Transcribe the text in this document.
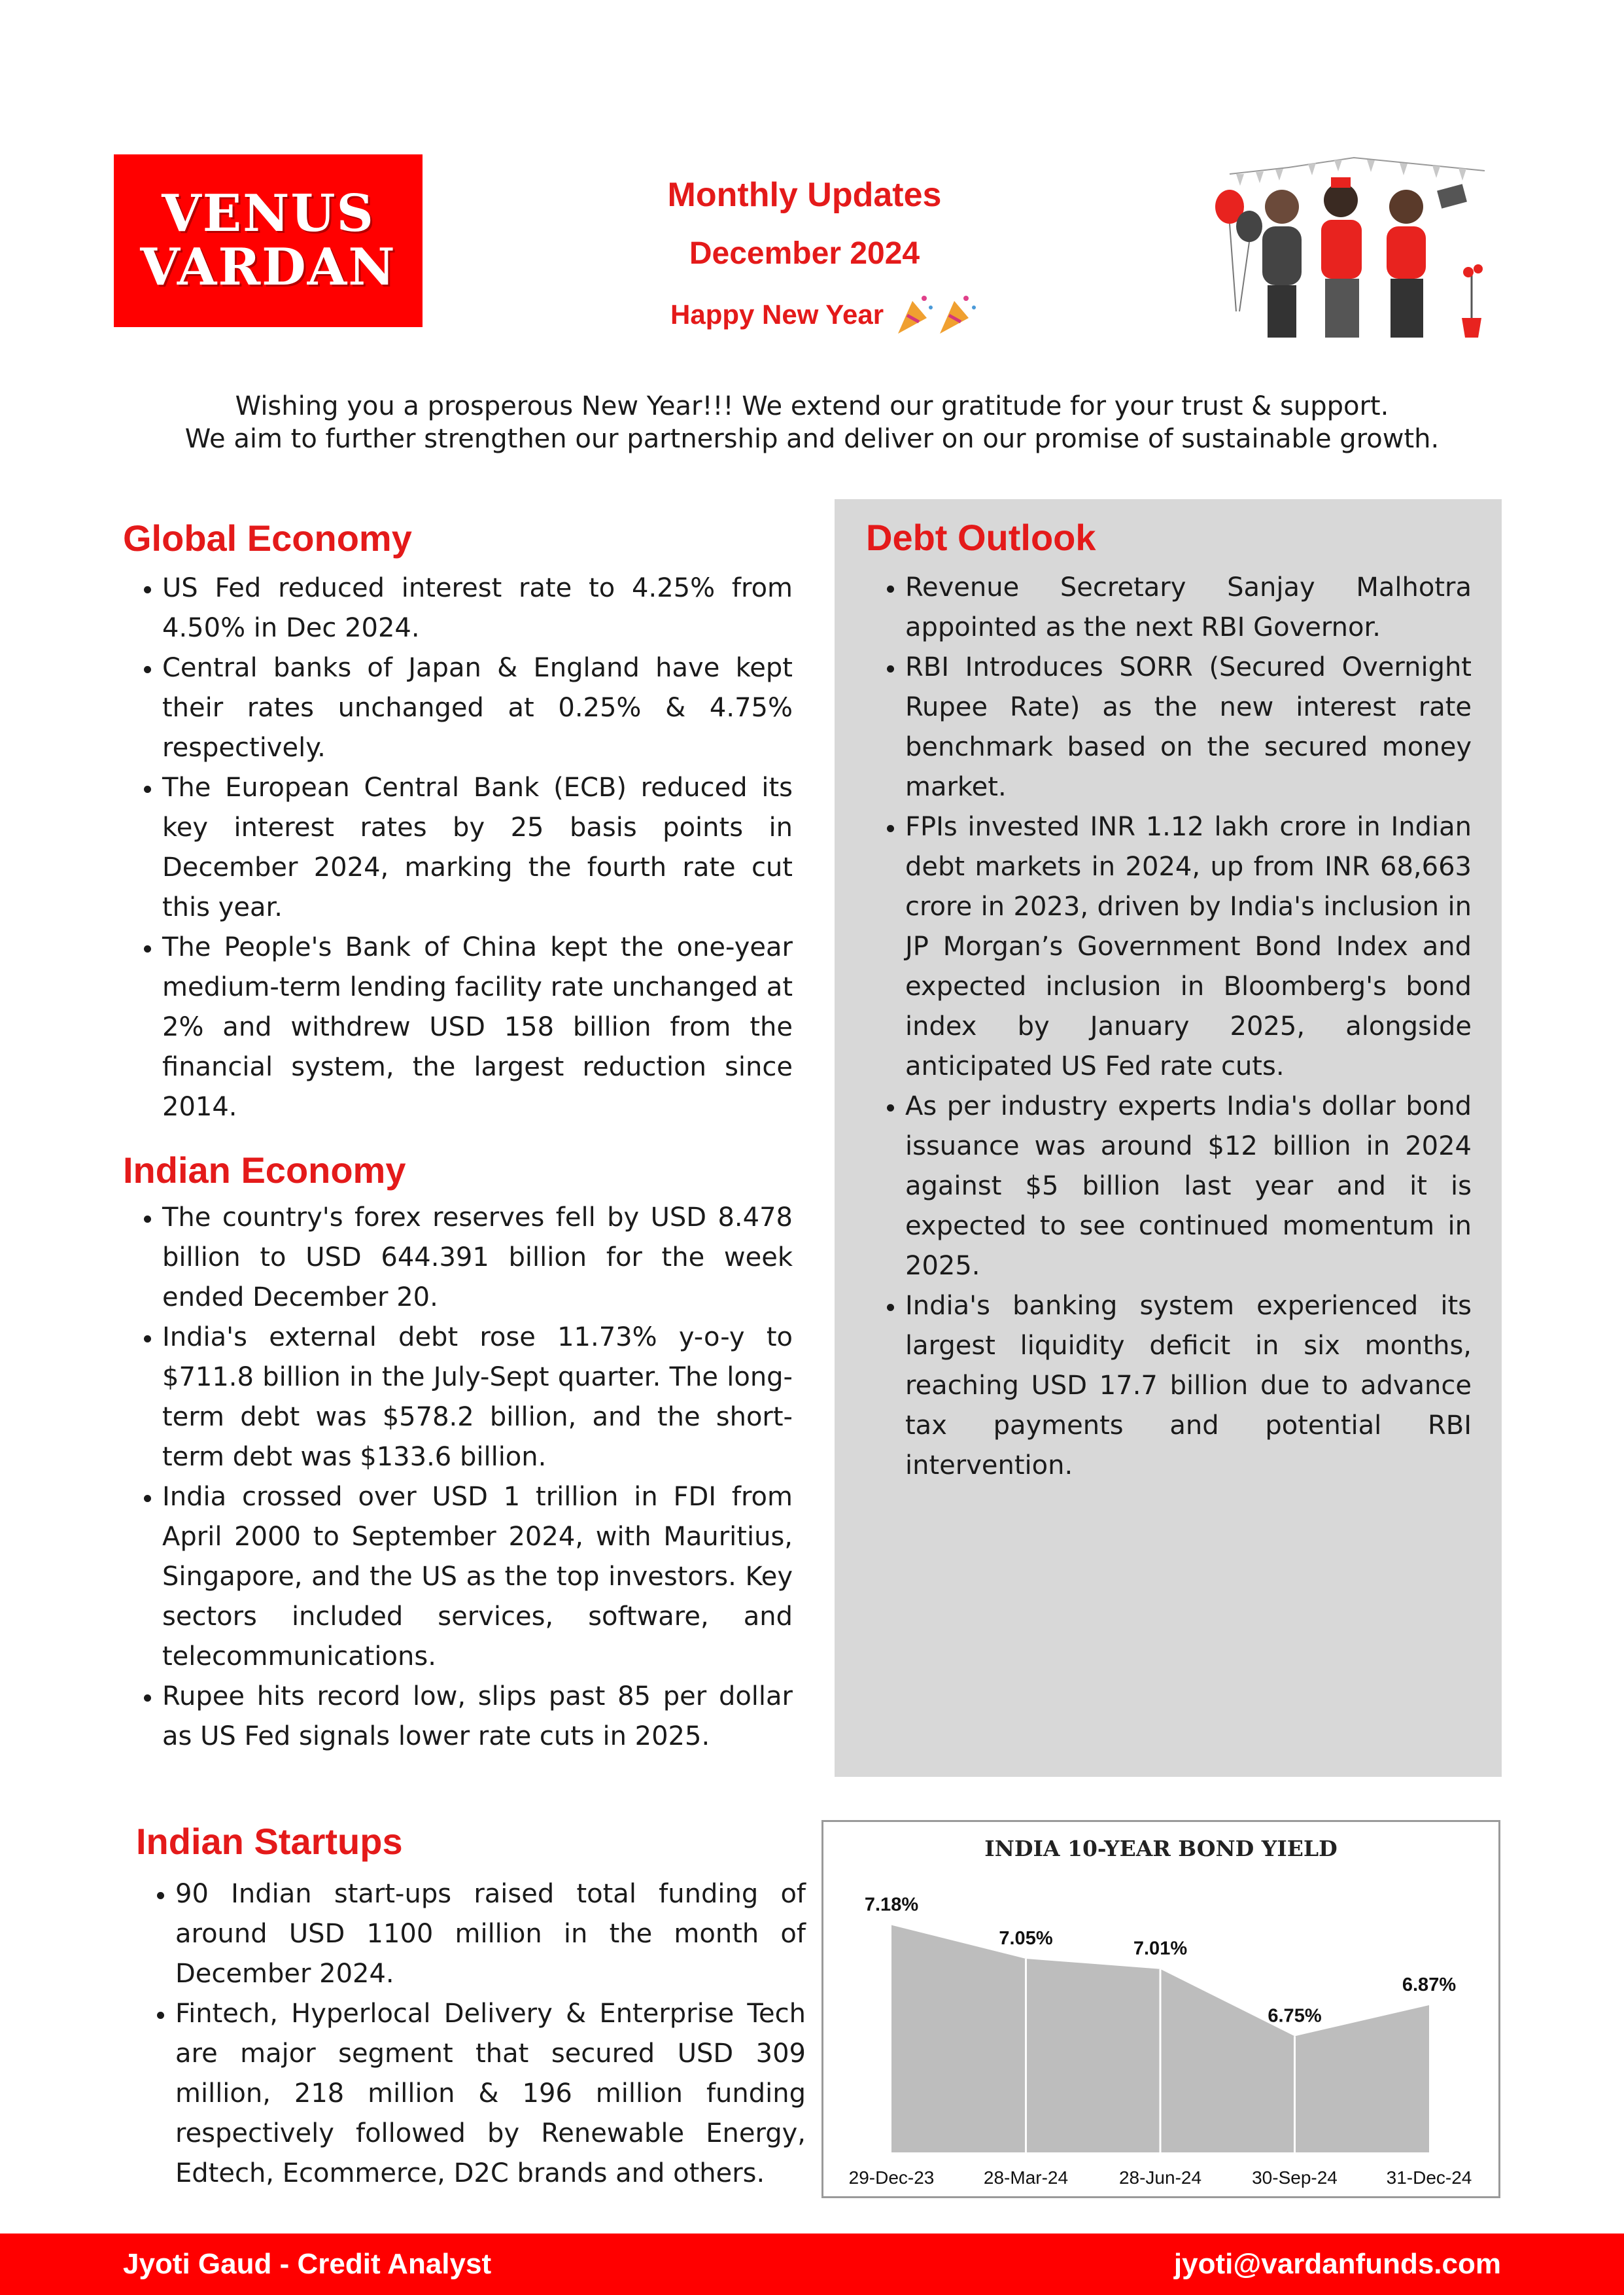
VENUS
VARDAN
Monthly Updates
December 2024
Happy New Year
Wishing you a prosperous New Year!!! We extend our gratitude for your trust & support.
We aim to further strengthen our partnership and deliver on our promise of sustainable growth.
Global Economy
• US Fed reduced interest rate to 4.25% from 4.50% in Dec 2024.
• Central banks of Japan & England have kept their rates unchanged at 0.25% & 4.75% respectively.
• The European Central Bank (ECB) reduced its key interest rates by 25 basis points in December 2024, marking the fourth rate cut this year.
• The People's Bank of China kept the one-year medium-term lending facility rate unchanged at 2% and withdrew USD 158 billion from the financial system, the largest reduction since 2014.
Indian Economy
• The country's forex reserves fell by USD 8.478 billion to USD 644.391 billion for the week ended December 20.
• India's external debt rose 11.73% y-o-y to $711.8 billion in the July-Sept quarter. The long-term debt was $578.2 billion, and the short-term debt was $133.6 billion.
• India crossed over USD 1 trillion in FDI from April 2000 to September 2024, with Mauritius, Singapore, and the US as the top investors. Key sectors included services, software, and telecommunications.
• Rupee hits record low, slips past 85 per dollar as US Fed signals lower rate cuts in 2025.
Debt Outlook
• Revenue Secretary Sanjay Malhotra appointed as the next RBI Governor.
• RBI Introduces SORR (Secured Overnight Rupee Rate) as the new interest rate benchmark based on the secured money market.
• FPIs invested INR 1.12 lakh crore in Indian debt markets in 2024, up from INR 68,663 crore in 2023, driven by India's inclusion in JP Morgan’s Government Bond Index and expected inclusion in Bloomberg's bond index by January 2025, alongside anticipated US Fed rate cuts.
• As per industry experts India's dollar bond issuance was around $12 billion in 2024 against $5 billion last year and it is expected to see continued momentum in 2025.
• India's banking system experienced its largest liquidity deficit in six months, reaching USD 17.7 billion due to advance tax payments and potential RBI intervention.
Indian Startups
• 90 Indian start-ups raised total funding of around USD 1100 million in the month of December 2024.
• Fintech, Hyperlocal Delivery & Enterprise Tech are major segment that secured USD 309 million, 218 million & 196 million funding respectively followed by Renewable Energy, Edtech, Ecommerce, D2C brands and others.
INDIA 10-YEAR BOND YIELD
7.18%
29-Dec-23
7.05%
28-Mar-24
7.01%
28-Jun-24
6.75%
30-Sep-24
6.87%
31-Dec-24
Jyoti Gaud - Credit Analyst	jyoti@vardanfunds.com
